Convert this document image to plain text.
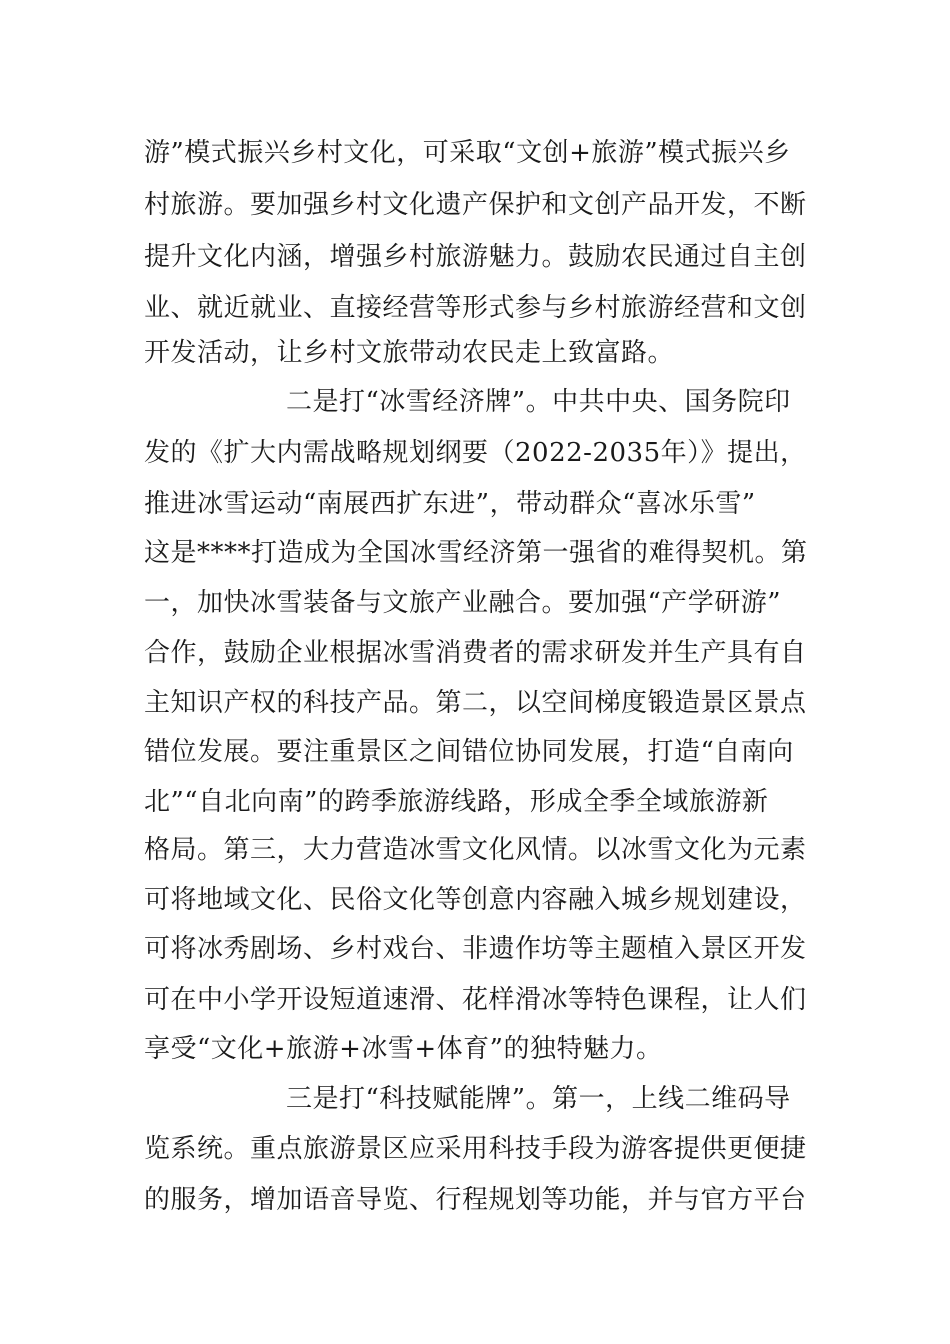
游”模式振兴乡村文化，可采取“文创+旅游”模式振兴乡
村旅游。要加强乡村文化遗产保护和文创产品开发，不断
提升文化内涵，增强乡村旅游魅力。鼓励农民通过自主创
业、就近就业、直接经营等形式参与乡村旅游经营和文创
开发活动，让乡村文旅带动农民走上致富路。
二是打“冰雪经济牌”。中共中央、国务院印
发的《扩大内需战略规划纲要（2022-2035年）》提出，
推进冰雪运动“南展西扩东进”，带动群众“喜冰乐雪”
这是****打造成为全国冰雪经济第一强省的难得契机。第
一，加快冰雪装备与文旅产业融合。要加强“产学研游”
合作，鼓励企业根据冰雪消费者的需求研发并生产具有自
主知识产权的科技产品。第二，以空间梯度锻造景区景点
错位发展。要注重景区之间错位协同发展，打造“自南向
北”“自北向南”的跨季旅游线路，形成全季全域旅游新
格局。第三，大力营造冰雪文化风情。以冰雪文化为元素
可将地域文化、民俗文化等创意内容融入城乡规划建设，
可将冰秀剧场、乡村戏台、非遗作坊等主题植入景区开发
可在中小学开设短道速滑、花样滑冰等特色课程，让人们
享受“文化+旅游+冰雪+体育”的独特魅力。
三是打“科技赋能牌”。第一，上线二维码导
览系统。重点旅游景区应采用科技手段为游客提供更便捷
的服务，增加语音导览、行程规划等功能，并与官方平台
